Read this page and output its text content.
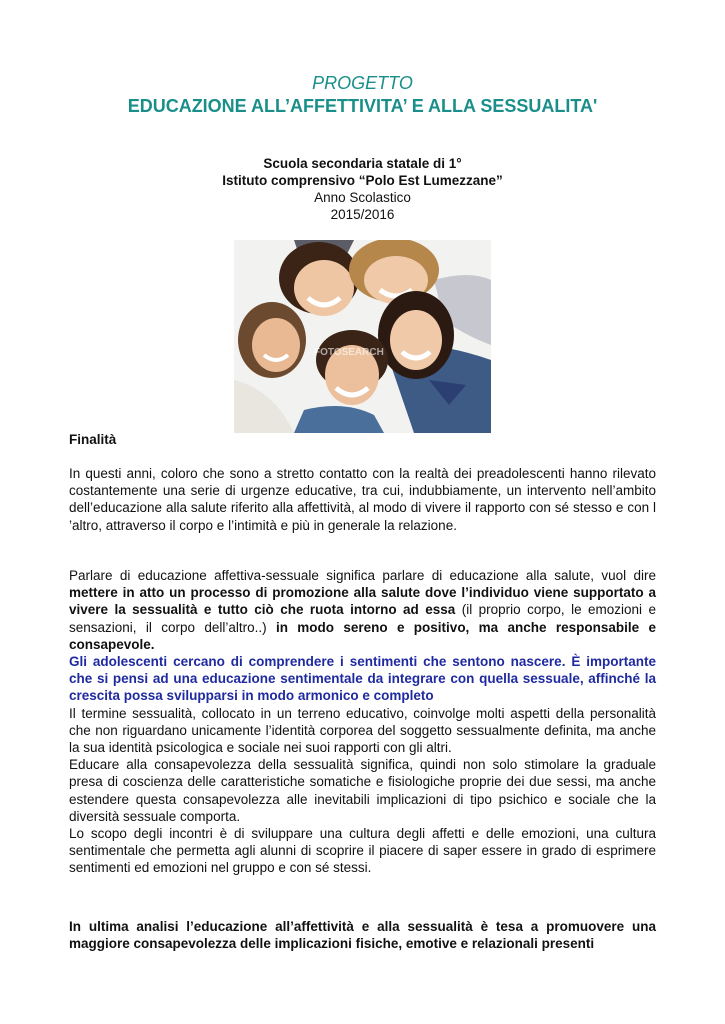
PROGETTO
EDUCAZIONE ALL’AFFETTIVITA’ E ALLA SESSUALITA'
Scuola secondaria statale di 1°
Istituto comprensivo “Polo Est Lumezzane”
Anno Scolastico
2015/2016
FOTOSEARCH

Finalità

In questi anni, coloro che sono a stretto contatto con la realtà dei preadolescenti hanno rilevato costantemente una serie di urgenze educative, tra cui, indubbiamente, un intervento nell’ambito dell’educazione alla salute riferito alla affettività, al modo di vivere il rapporto con sé stesso e con l ’altro, attraverso il corpo e l’intimità e più in generale la relazione.

Parlare di educazione affettiva-sessuale significa parlare di educazione alla salute, vuol dire mettere in atto un processo di promozione alla salute dove l’individuo viene supportato a vivere la sessualità e tutto ciò che ruota intorno ad essa (il proprio corpo, le emozioni e sensazioni, il corpo dell’altro..) in modo sereno e positivo, ma anche responsabile e consapevole.

Gli adolescenti cercano di comprendere i sentimenti che sentono nascere. È importante che si pensi ad una educazione sentimentale da integrare con quella sessuale, affinché la crescita possa svilupparsi in modo armonico e completo

Il termine sessualità, collocato in un terreno educativo, coinvolge molti aspetti della personalità che non riguardano unicamente l’identità corporea del soggetto sessualmente definita, ma anche la sua identità psicologica e sociale nei suoi rapporti con gli altri.

Educare alla consapevolezza della sessualità significa, quindi non solo stimolare la graduale presa di coscienza delle caratteristiche somatiche e fisiologiche proprie dei due sessi, ma anche estendere questa consapevolezza alle inevitabili implicazioni di tipo psichico e sociale che la diversità sessuale comporta.

Lo scopo degli incontri è di sviluppare una cultura degli affetti e delle emozioni, una cultura sentimentale che permetta agli alunni di scoprire il piacere di saper essere in grado di esprimere sentimenti ed emozioni nel gruppo e con sé stessi.

In ultima analisi l’educazione all’affettività e alla sessualità è tesa a promuovere una maggiore consapevolezza delle implicazioni fisiche, emotive e relazionali presenti
